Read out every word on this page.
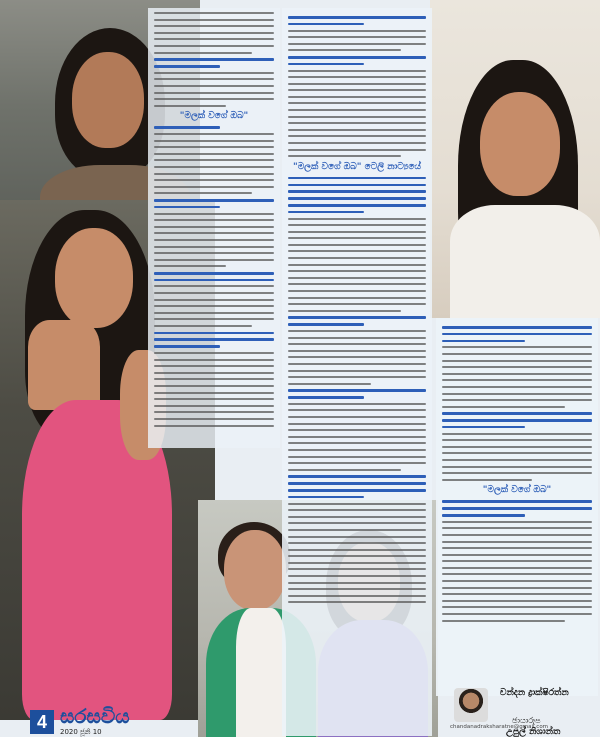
"මලක් වගේ ඔබ"
"මලක් වගේ ඔබ" ටෙලි නාට්‍යයේ
"මලක් වගේ ඔබ"
4 සරසවිය
2020 ජූනි 10
චන්දන ද්‍රාක්ෂිරත්න
chandanadraksharatne@gmail.com
ඡායාරූප
උපුල් නිශාන්ත
